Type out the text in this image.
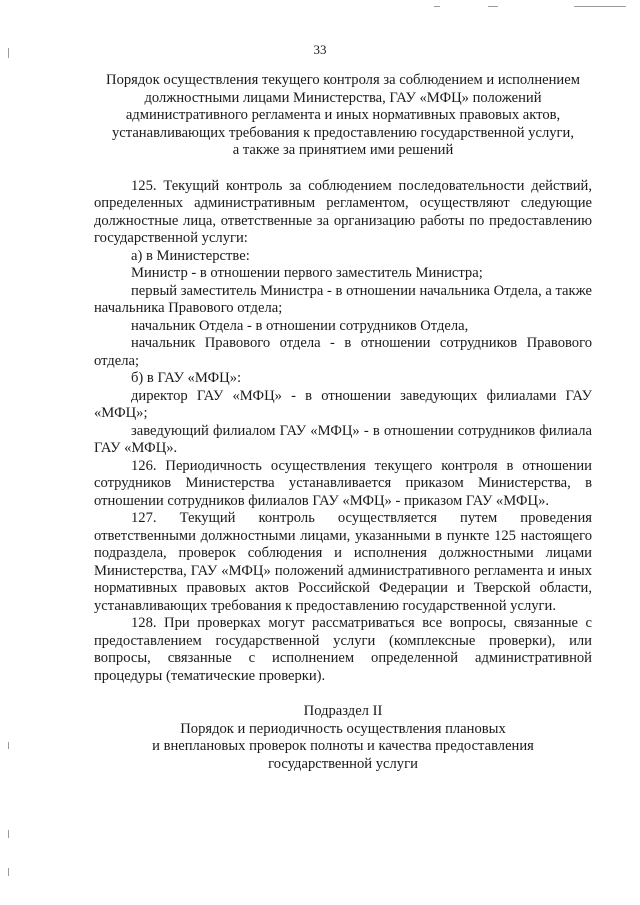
33
Порядок осуществления текущего контроля за соблюдением и исполнением
должностными лицами Министерства, ГАУ «МФЦ» положений
административного регламента и иных нормативных правовых актов,
устанавливающих требования к предоставлению государственной услуги,
а также за принятием ими решений
125. Текущий контроль за соблюдением последовательности действий, определенных административным регламентом, осуществляют следующие должностные лица, ответственные за организацию работы по предоставлению государственной услуги:
а) в Министерстве:
Министр - в отношении первого заместитель Министра;
первый заместитель Министра - в отношении начальника Отдела, а также начальника Правового отдела;
начальник Отдела - в отношении сотрудников Отдела,
начальник Правового отдела - в отношении сотрудников Правового отдела;
б) в ГАУ «МФЦ»:
директор ГАУ «МФЦ» - в отношении заведующих филиалами ГАУ «МФЦ»;
заведующий филиалом ГАУ «МФЦ» - в отношении сотрудников филиала ГАУ «МФЦ».
126. Периодичность осуществления текущего контроля в отношении сотрудников Министерства устанавливается приказом Министерства, в отношении сотрудников филиалов ГАУ «МФЦ» - приказом ГАУ «МФЦ».
127. Текущий контроль осуществляется путем проведения ответственными должностными лицами, указанными в пункте 125 настоящего подраздела, проверок соблюдения и исполнения должностными лицами Министерства, ГАУ «МФЦ» положений административного регламента и иных нормативных правовых актов Российской Федерации и Тверской области, устанавливающих требования к предоставлению государственной услуги.
128. При проверках могут рассматриваться все вопросы, связанные с предоставлением государственной услуги (комплексные проверки), или вопросы, связанные с исполнением определенной административной процедуры (тематические проверки).
Подраздел II
Порядок и периодичность осуществления плановых
и внеплановых проверок полноты и качества предоставления
государственной услуги
